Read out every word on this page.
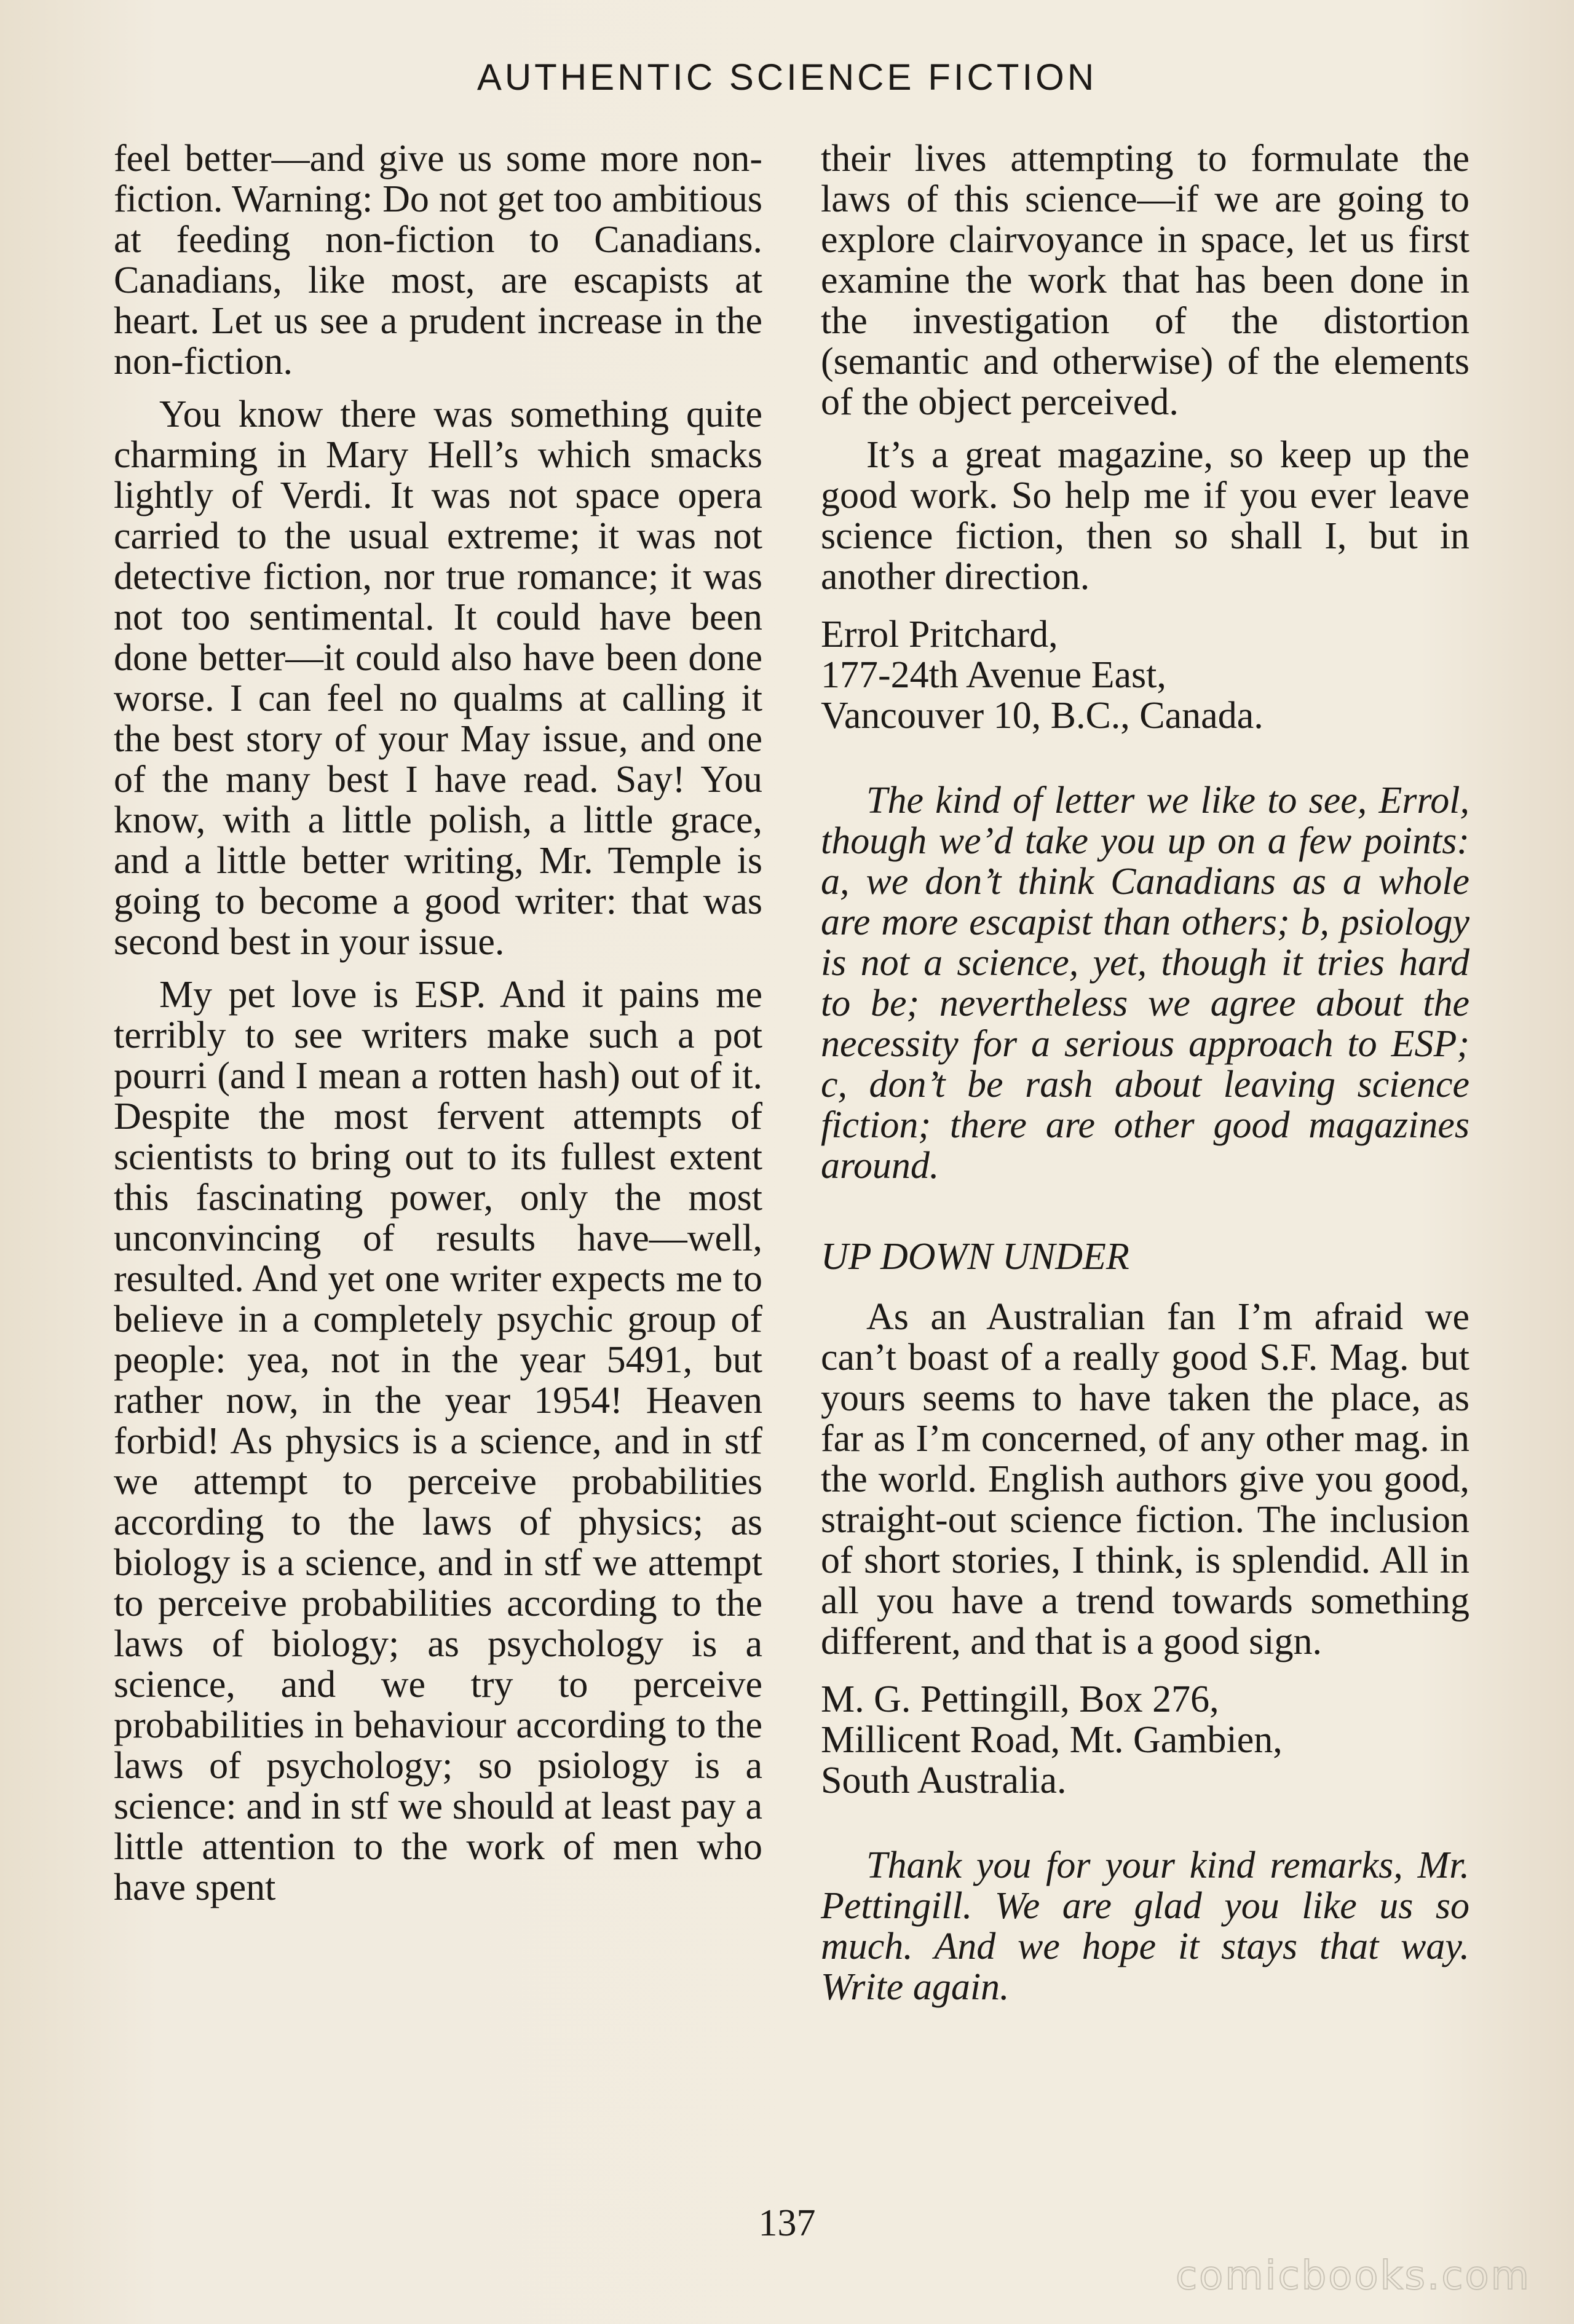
AUTHENTIC SCIENCE FICTION

feel better—and give us some more non-fiction. Warning: Do not get too ambitious at feeding non-fiction to Canadians. Canadians, like most, are escapists at heart. Let us see a prudent increase in the non-fiction.

You know there was something quite charming in Mary Hell’s which smacks lightly of Verdi. It was not space opera carried to the usual extreme; it was not detective fiction, nor true romance; it was not too sentimental. It could have been done better—it could also have been done worse. I can feel no qualms at calling it the best story of your May issue, and one of the many best I have read. Say! You know, with a little polish, a little grace, and a little better writing, Mr. Temple is going to become a good writer: that was second best in your issue.

My pet love is ESP. And it pains me terribly to see writers make such a pot pourri (and I mean a rotten hash) out of it. Despite the most fervent attempts of scientists to bring out to its fullest extent this fascinating power, only the most unconvincing of results have—well, resulted. And yet one writer expects me to believe in a completely psychic group of people: yea, not in the year 5491, but rather now, in the year 1954! Heaven forbid! As physics is a science, and in stf we attempt to perceive probabilities according to the laws of physics; as biology is a science, and in stf we attempt to perceive probabilities according to the laws of biology; as psychology is a science, and we try to perceive probabilities in behaviour according to the laws of psychology; so psiology is a science: and in stf we should at least pay a little attention to the work of men who have spent

their lives attempting to formulate the laws of this science—if we are going to explore clairvoyance in space, let us first examine the work that has been done in the investigation of the distortion (semantic and otherwise) of the elements of the object perceived.

It’s a great magazine, so keep up the good work. So help me if you ever leave science fiction, then so shall I, but in another direction.

Errol Pritchard,
177-24th Avenue East,
Vancouver 10, B.C., Canada.

The kind of letter we like to see, Errol, though we’d take you up on a few points: a, we don’t think Canadians as a whole are more escapist than others; b, psiology is not a science, yet, though it tries hard to be; nevertheless we agree about the necessity for a serious approach to ESP; c, don’t be rash about leaving science fiction; there are other good magazines around.

UP DOWN UNDER

As an Australian fan I’m afraid we can’t boast of a really good S.F. Mag. but yours seems to have taken the place, as far as I’m concerned, of any other mag. in the world. English authors give you good, straight-out science fiction. The inclusion of short stories, I think, is splendid. All in all you have a trend towards something different, and that is a good sign.

M. G. Pettingill, Box 276,
Millicent Road, Mt. Gambien,
South Australia.

Thank you for your kind remarks, Mr. Pettingill. We are glad you like us so much. And we hope it stays that way. Write again.

137
comicbooks.com
